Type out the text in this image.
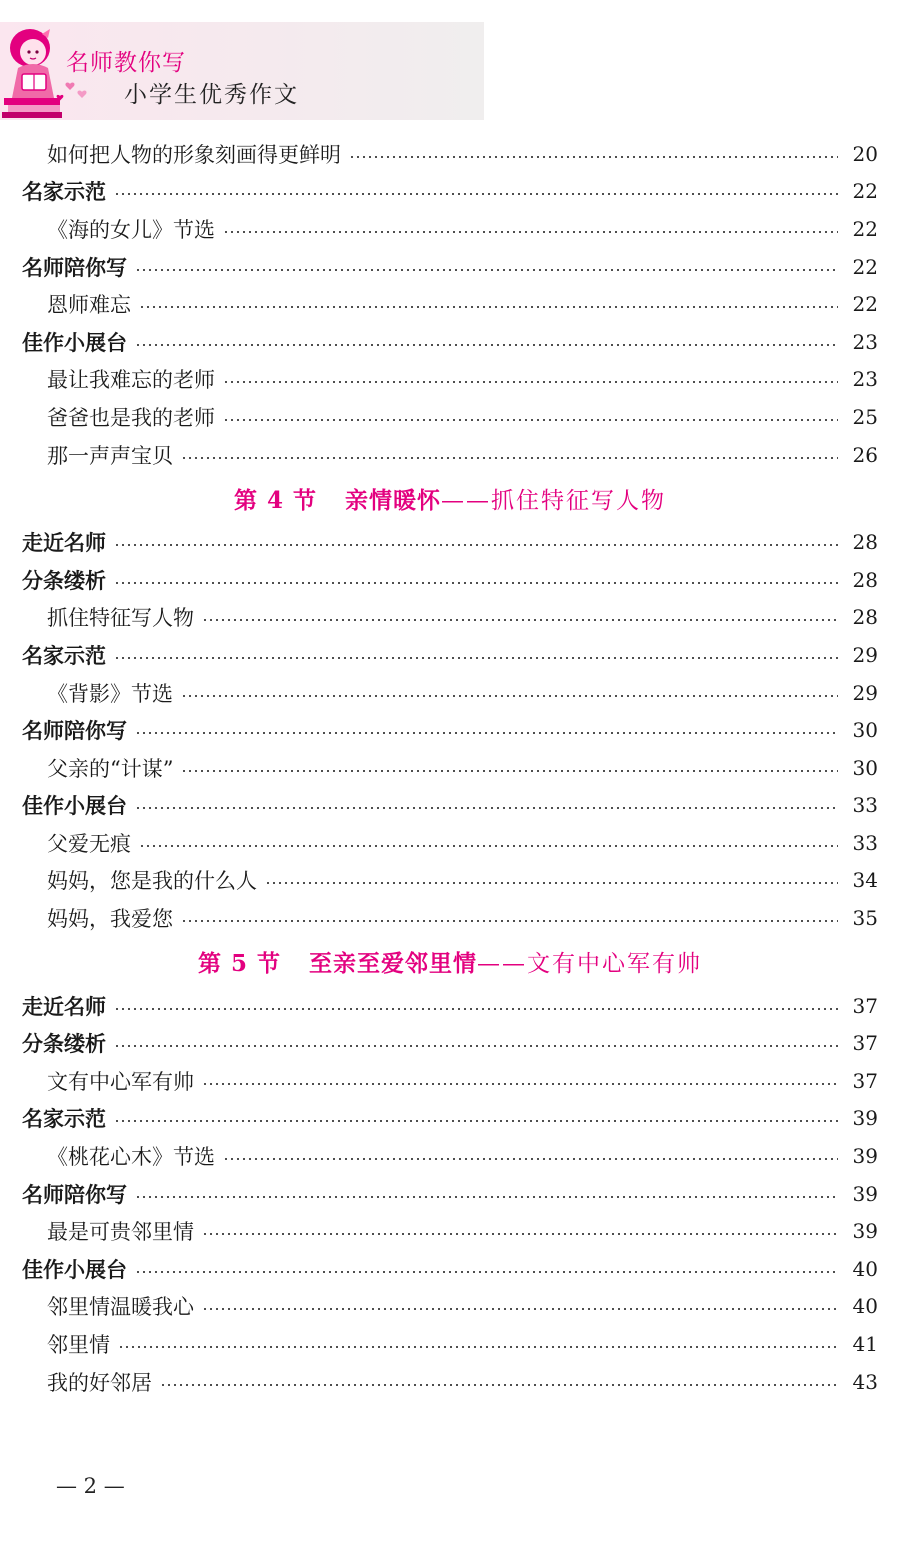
名师教你写
小学生优秀作文
如何把人物的形象刻画得更鲜明	20
名家示范	22
《海的女儿》节选	22
名师陪你写	22
恩师难忘	22
佳作小展台	23
最让我难忘的老师	23
爸爸也是我的老师	25
那一声声宝贝	26
第 4 节 亲情暖怀 ——抓住特征写人物
走近名师	28
分条缕析	28
抓住特征写人物	28
名家示范	29
《背影》节选	29
名师陪你写	30
父亲的“计谋”	30
佳作小展台	33
父爱无痕	33
妈妈，您是我的什么人	34
妈妈，我爱您	35
第 5 节 至亲至爱邻里情 ——文有中心军有帅
走近名师	37
分条缕析	37
文有中心军有帅	37
名家示范	39
《桃花心木》节选	39
名师陪你写	39
最是可贵邻里情	39
佳作小展台	40
邻里情温暖我心	40
邻里情	41
我的好邻居	43
— 2 —
